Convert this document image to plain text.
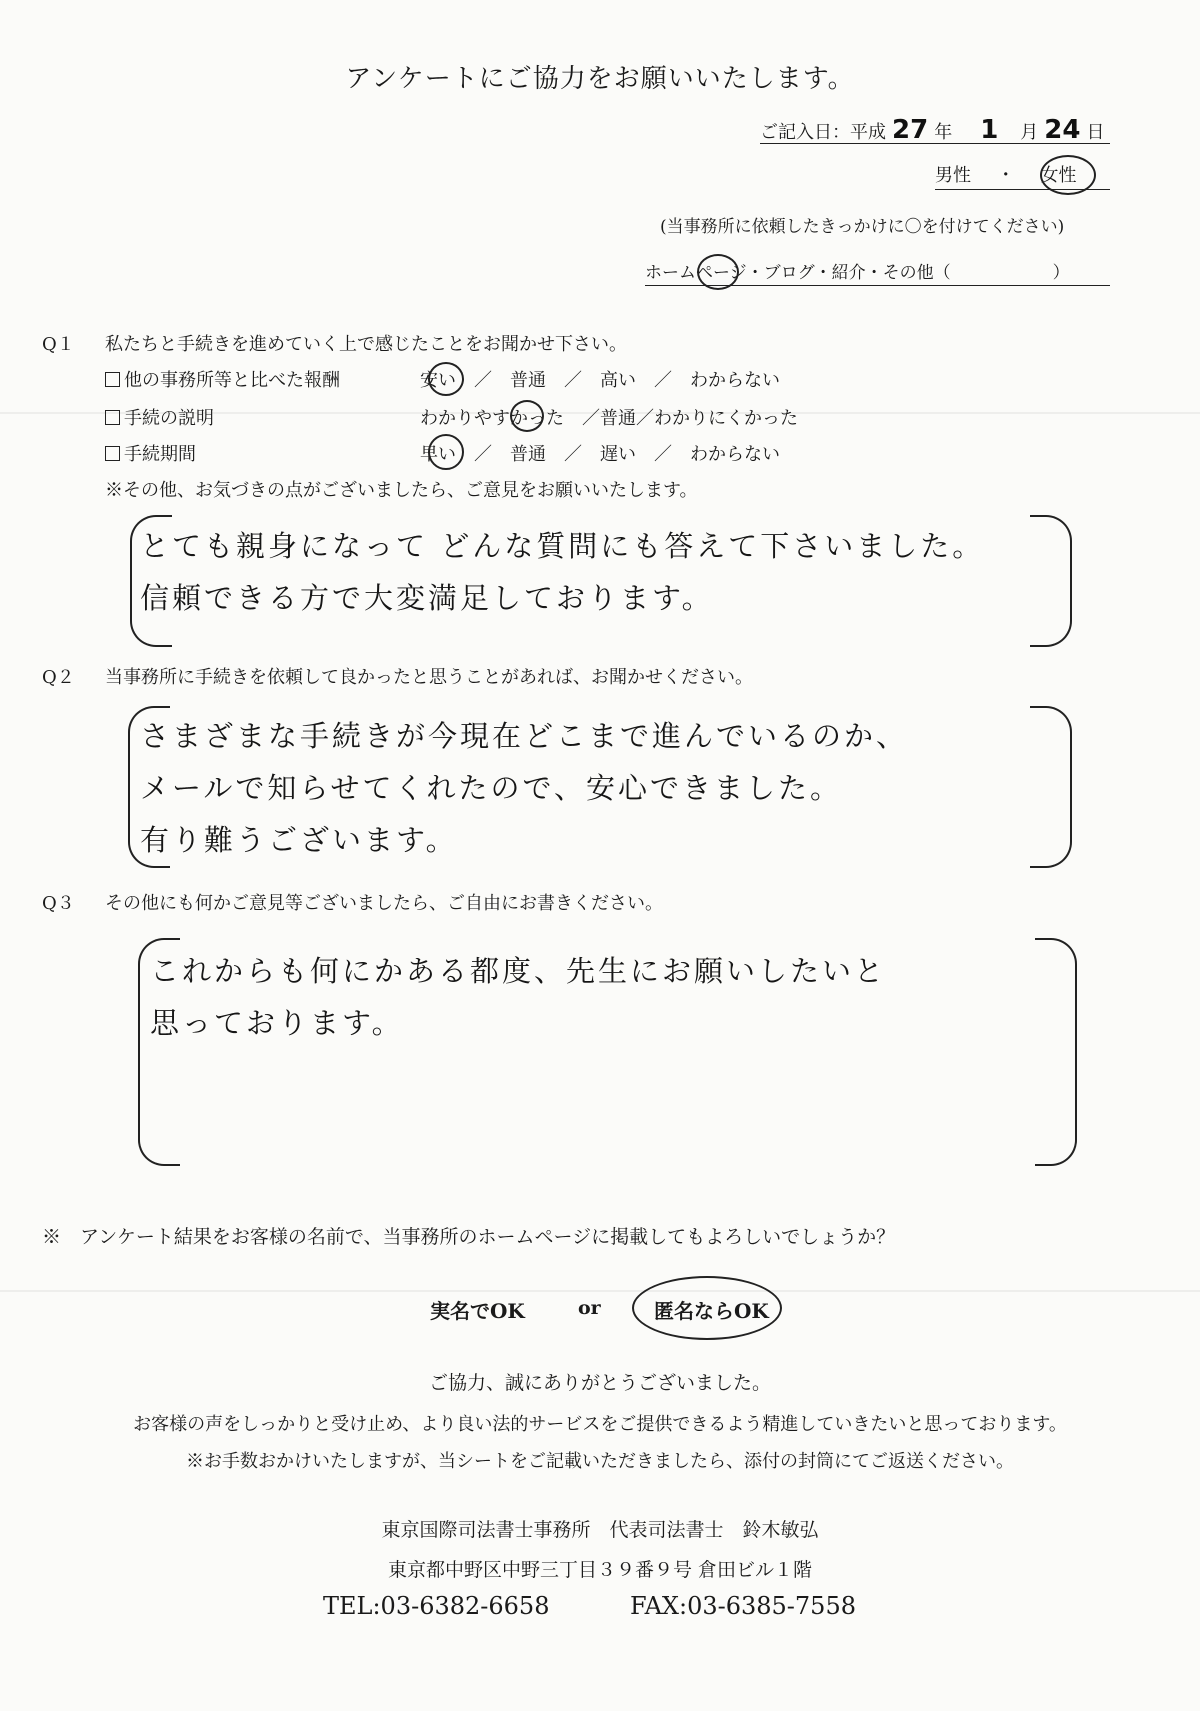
アンケートにご協力をお願いいたします。
ご記入日：平成 27 年 1 月 24 日
男性 ・ 女性
(当事務所に依頼したきっかけに〇を付けてください)
ホームページ・ブログ・紹介・その他（　　　　　　）
Q１ 私たちと手続きを進めていく上で感じたことをお聞かせ下さい。
他の事務所等と比べた報酬	安い　／　普通　／　高い　／　わからない
手続の説明	わかりやすかった　／普通／わかりにくかった
手続期間	早い　／　普通　／　遅い　／　わからない
※その他、お気づきの点がございましたら、ご意見をお願いいたします。
とても親身になって どんな質問にも答えて下さいました。
信頼できる方で大変満足しております。
Q２ 当事務所に手続きを依頼して良かったと思うことがあれば、お聞かせください。
さまざまな手続きが今現在どこまで進んでいるのか、
メールで知らせてくれたので、安心できました。
有り難うございます。
Q３ その他にも何かご意見等ございましたら、ご自由にお書きください。
これからも何にかある都度、先生にお願いしたいと
思っております。
※　アンケート結果をお客様の名前で、当事務所のホームページに掲載してもよろしいでしょうか？
実名でOK	or	匿名ならOK
ご協力、誠にありがとうございました。
お客様の声をしっかりと受け止め、より良い法的サービスをご提供できるよう精進していきたいと思っております。
※お手数おかけいたしますが、当シートをご記載いただきましたら、添付の封筒にてご返送ください。
東京国際司法書士事務所　代表司法書士　鈴木敏弘
東京都中野区中野三丁目３９番９号 倉田ビル１階
TEL:03-6382-6658	FAX:03-6385-7558
